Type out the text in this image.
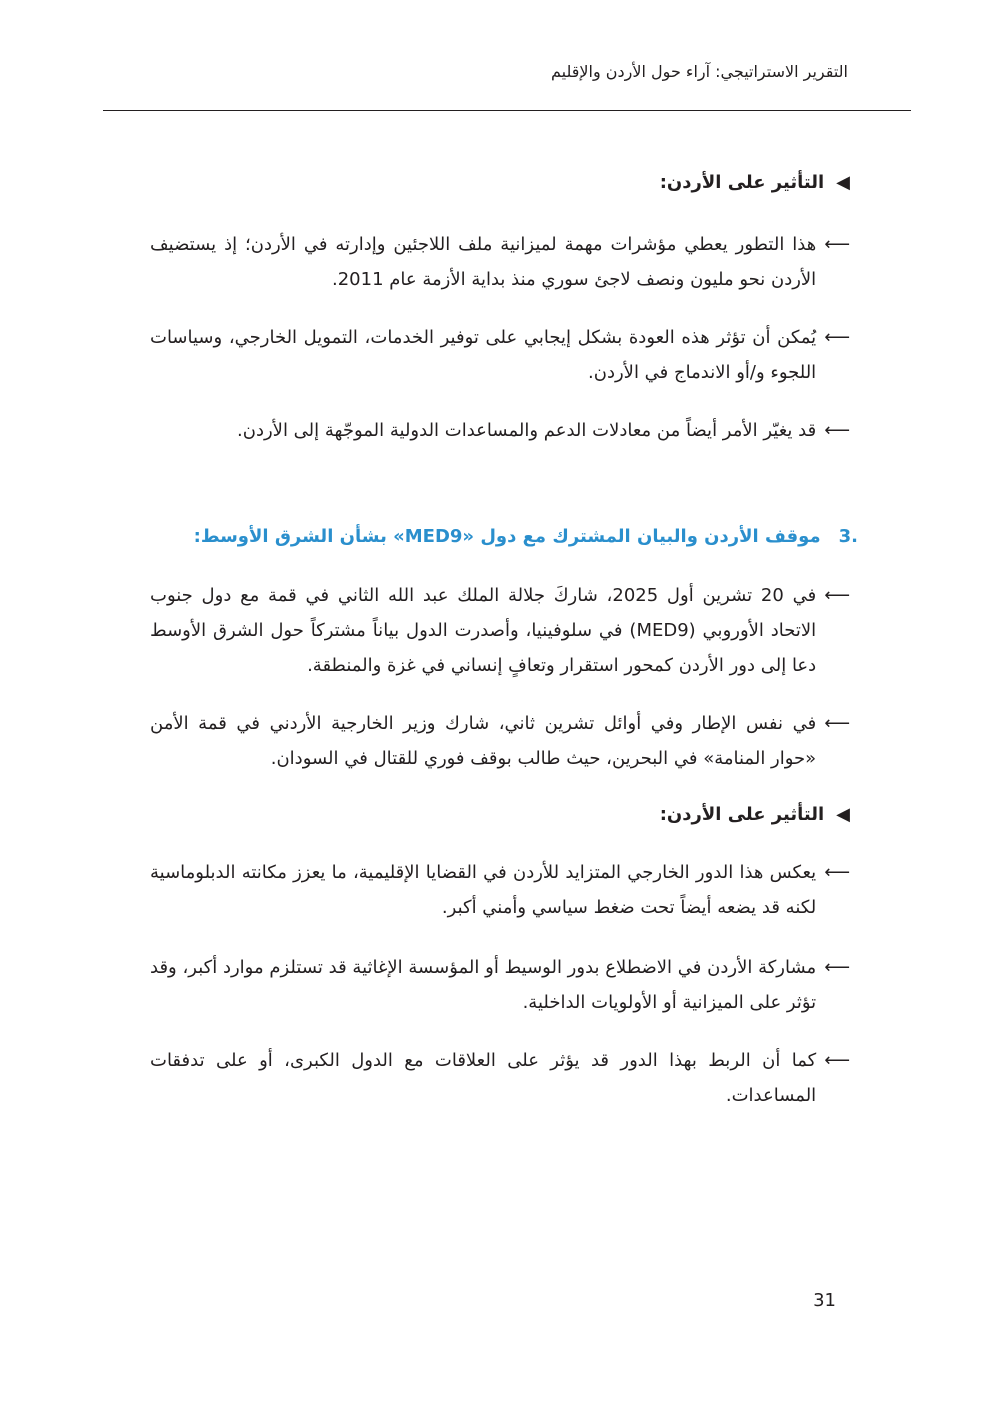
التقرير الاستراتيجي: آراء حول الأردن والإقليم
◀
التأثير على الأردن:
⟵
هذا التطور يعطي مؤشرات مهمة لميزانية ملف اللاجئين وإدارته في الأردن؛ إذ يستضيف الأردن نحو مليون ونصف لاجئ سوري منذ بداية الأزمة عام 2011.
⟵
يُمكن أن تؤثر هذه العودة بشكل إيجابي على توفير الخدمات، التمويل الخارجي، وسياسات اللجوء و/أو الاندماج في الأردن.
⟵
قد يغيّر الأمر أيضاً من معادلات الدعم والمساعدات الدولية الموجّهة إلى الأردن.
.3
موقف الأردن والبيان المشترك مع دول «MED9» بشأن الشرق الأوسط:
⟵
في 20 تشرين أول 2025، شاركَ جلالة الملك عبد الله الثاني في قمة مع دول جنوب الاتحاد الأوروبي (MED9) في سلوفينيا، وأصدرت الدول بياناً مشتركاً حول الشرق الأوسط دعا إلى دور الأردن كمحور استقرار وتعافٍ إنساني في غزة والمنطقة.
⟵
في نفس الإطار وفي أوائل تشرين ثاني، شارك وزير الخارجية الأردني في قمة الأمن «حوار المنامة» في البحرين، حيث طالب بوقف فوري للقتال في السودان.
◀
التأثير على الأردن:
⟵
يعكس هذا الدور الخارجي المتزايد للأردن في القضايا الإقليمية، ما يعزز مكانته الدبلوماسية لكنه قد يضعه أيضاً تحت ضغط سياسي وأمني أكبر.
⟵
مشاركة الأردن في الاضطلاع بدور الوسيط أو المؤسسة الإغاثية قد تستلزم موارد أكبر، وقد تؤثر على الميزانية أو الأولويات الداخلية.
⟵
كما أن الربط بهذا الدور قد يؤثر على العلاقات مع الدول الكبرى، أو على تدفقات المساعدات.
31
